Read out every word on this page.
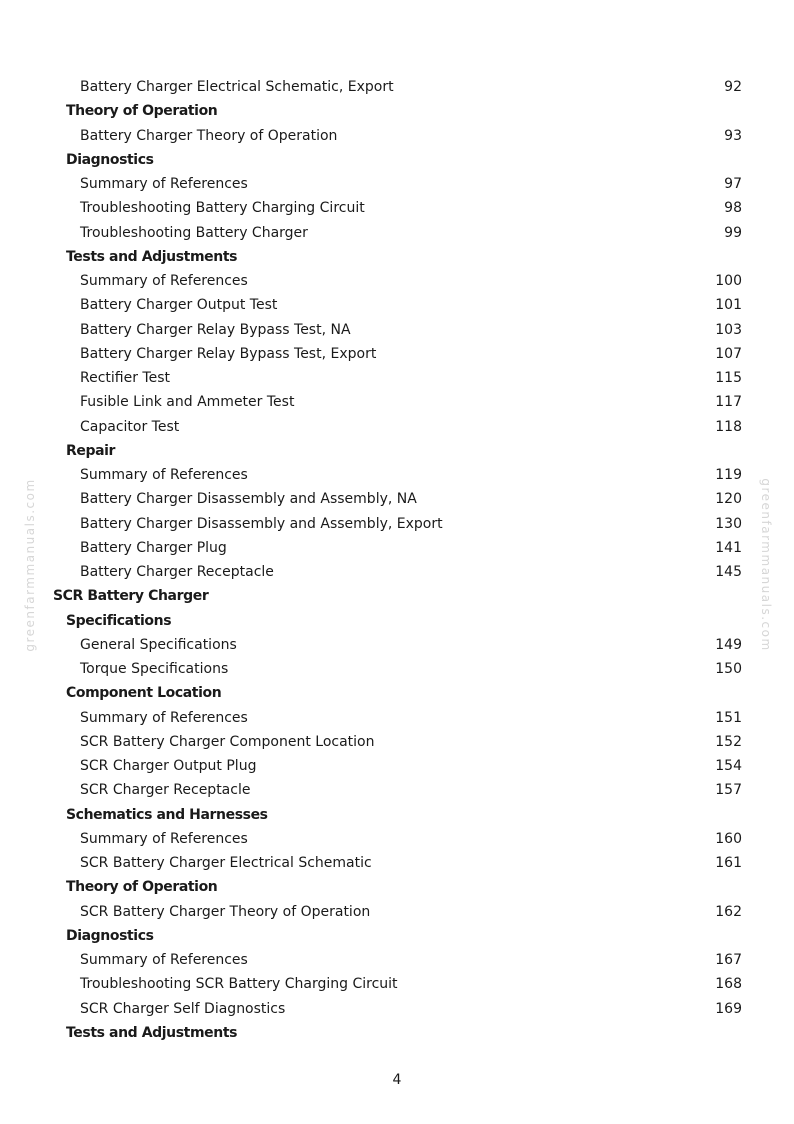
Battery Charger Electrical Schematic, Export	92
Theory of Operation
Battery Charger Theory of Operation	93
Diagnostics
Summary of References	97
Troubleshooting Battery Charging Circuit	98
Troubleshooting Battery Charger	99
Tests and Adjustments
Summary of References	100
Battery Charger Output Test	101
Battery Charger Relay Bypass Test, NA	103
Battery Charger Relay Bypass Test, Export	107
Rectifier Test	115
Fusible Link and Ammeter Test	117
Capacitor Test	118
Repair
Summary of References	119
Battery Charger Disassembly and Assembly, NA	120
Battery Charger Disassembly and Assembly, Export	130
Battery Charger Plug	141
Battery Charger Receptacle	145
SCR Battery Charger
Specifications
General Specifications	149
Torque Specifications	150
Component Location
Summary of References	151
SCR Battery Charger Component Location	152
SCR Charger Output Plug	154
SCR Charger Receptacle	157
Schematics and Harnesses
Summary of References	160
SCR Battery Charger Electrical Schematic	161
Theory of Operation
SCR Battery Charger Theory of Operation	162
Diagnostics
Summary of References	167
Troubleshooting SCR Battery Charging Circuit	168
SCR Charger Self Diagnostics	169
Tests and Adjustments
4
greenfarmmanuals.com	greenfarmmanuals.com
